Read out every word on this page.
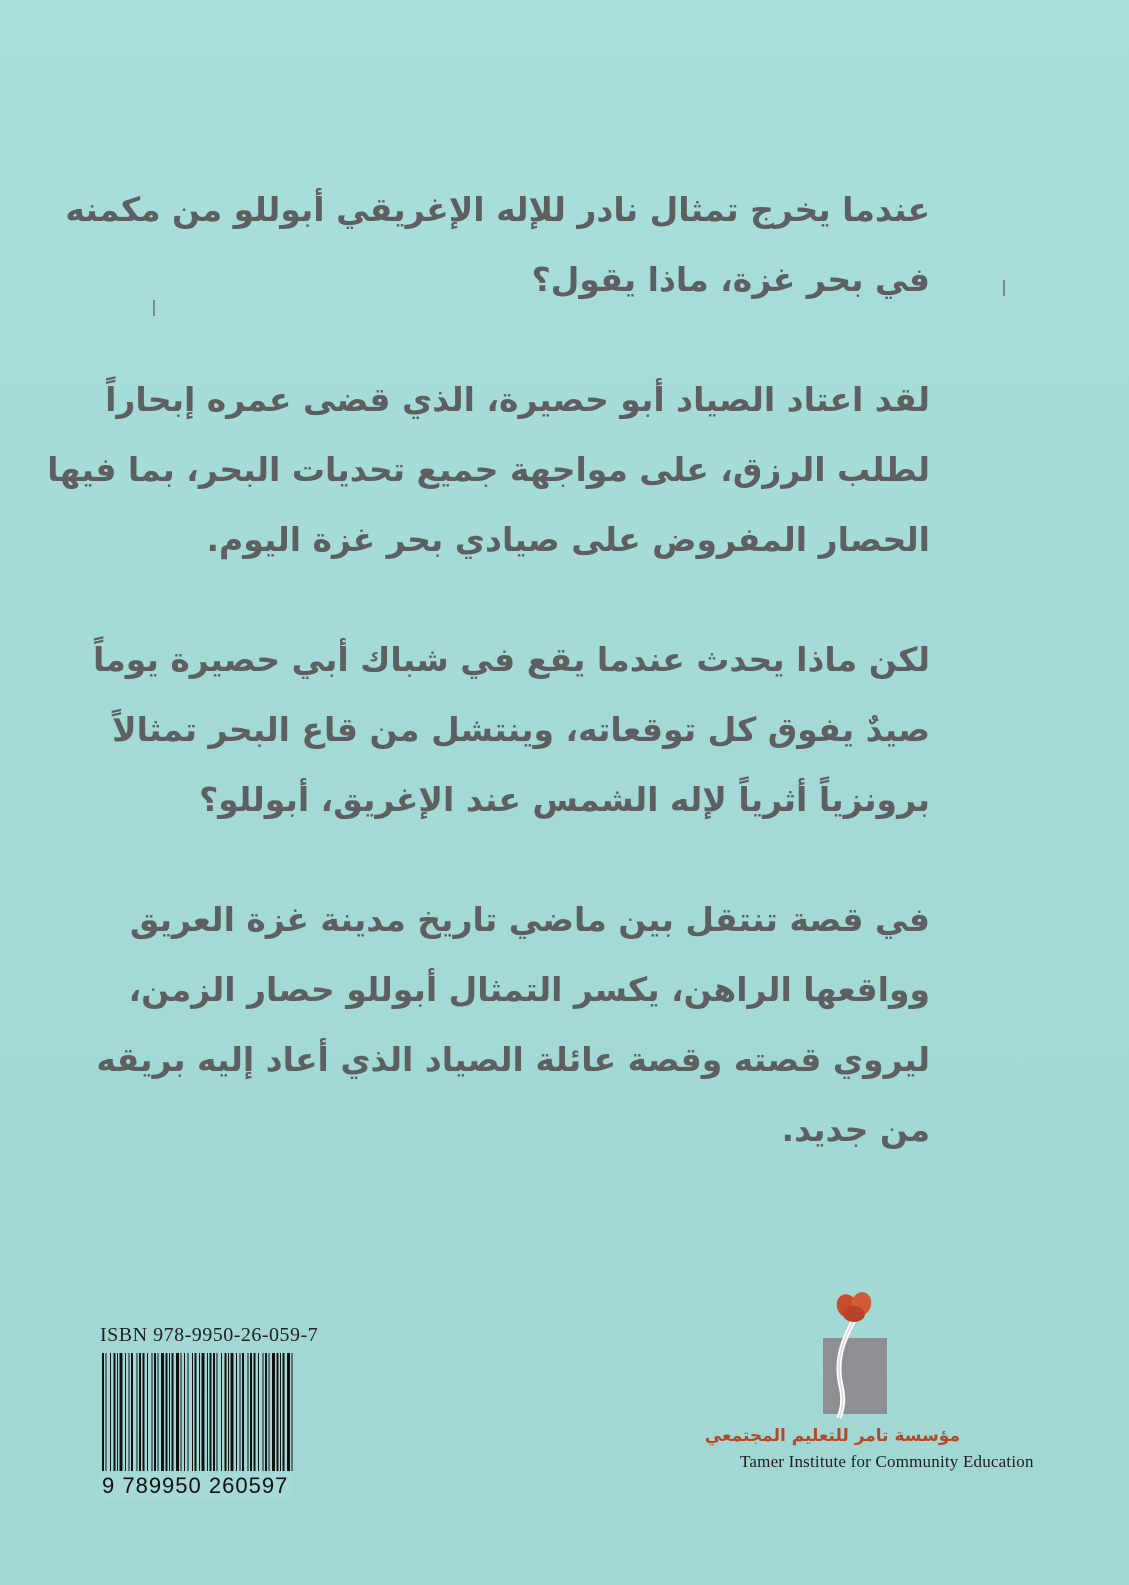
عندما يخرج تمثال نادر للإله الإغريقي أبوللو من مكمنه
في بحر غزة، ماذا يقول؟

لقد اعتاد الصياد أبو حصيرة، الذي قضى عمره إبحاراً
لطلب الرزق، على مواجهة جميع تحديات البحر، بما فيها
الحصار المفروض على صيادي بحر غزة اليوم.

لكن ماذا يحدث عندما يقع في شباك أبي حصيرة يوماً
صيدٌ يفوق كل توقعاته، وينتشل من قاع البحر تمثالاً
برونزياً أثرياً لإله الشمس عند الإغريق، أبوللو؟

في قصة تنتقل بين ماضي تاريخ مدينة غزة العريق
وواقعها الراهن، يكسر التمثال أبوللو حصار الزمن،
ليروي قصته وقصة عائلة الصياد الذي أعاد إليه بريقه
من جديد.

ISBN 978-9950-26-059-7
9 789950 260597
مؤسسة تامر للتعليم المجتمعي
Tamer Institute for Community Education
